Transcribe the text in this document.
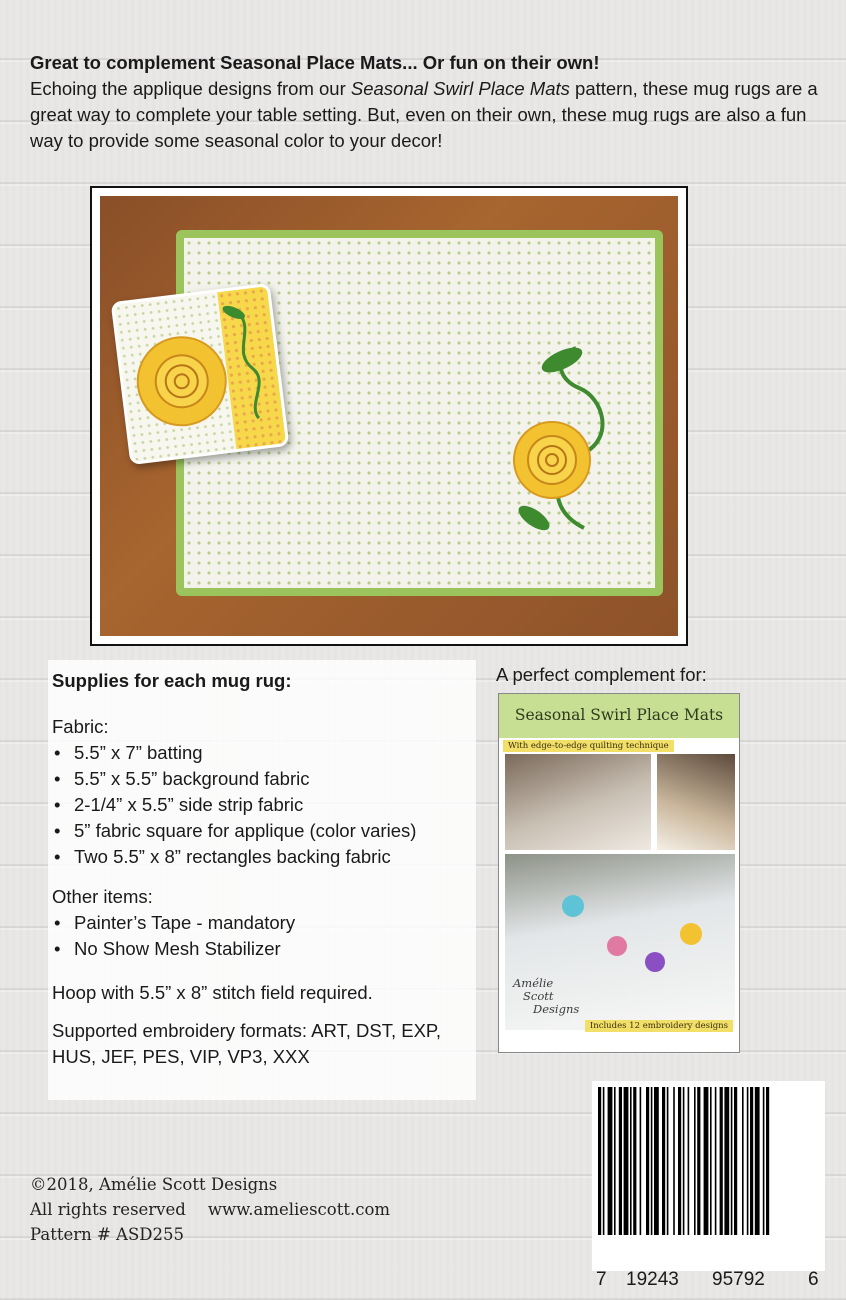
Great to complement Seasonal Place Mats... Or fun on their own!
Echoing the applique designs from our Seasonal Swirl Place Mats pattern, these mug rugs are a great way to complete your table setting. But, even on their own, these mug rugs are also a fun way to provide some seasonal color to your decor!
Supplies for each mug rug:
Fabric:
• 5.5” x 7” batting
• 5.5” x 5.5” background fabric
• 2-1/4” x 5.5” side strip fabric
• 5” fabric square for applique (color varies)
• Two 5.5” x 8” rectangles backing fabric
Other items:
• Painter’s Tape - mandatory
• No Show Mesh Stabilizer
Hoop with 5.5” x 8” stitch field required.
Supported embroidery formats: ART, DST, EXP, HUS, JEF, PES, VIP, VP3, XXX
A perfect complement for:
Seasonal Swirl Place Mats
With edge-to-edge quilting technique
Amélie
Scott
Designs
Includes 12 embroidery designs
7 19243 95792 6
©2018, Amélie Scott Designs
All rights reserved www.ameliescott.com
Pattern # ASD255
